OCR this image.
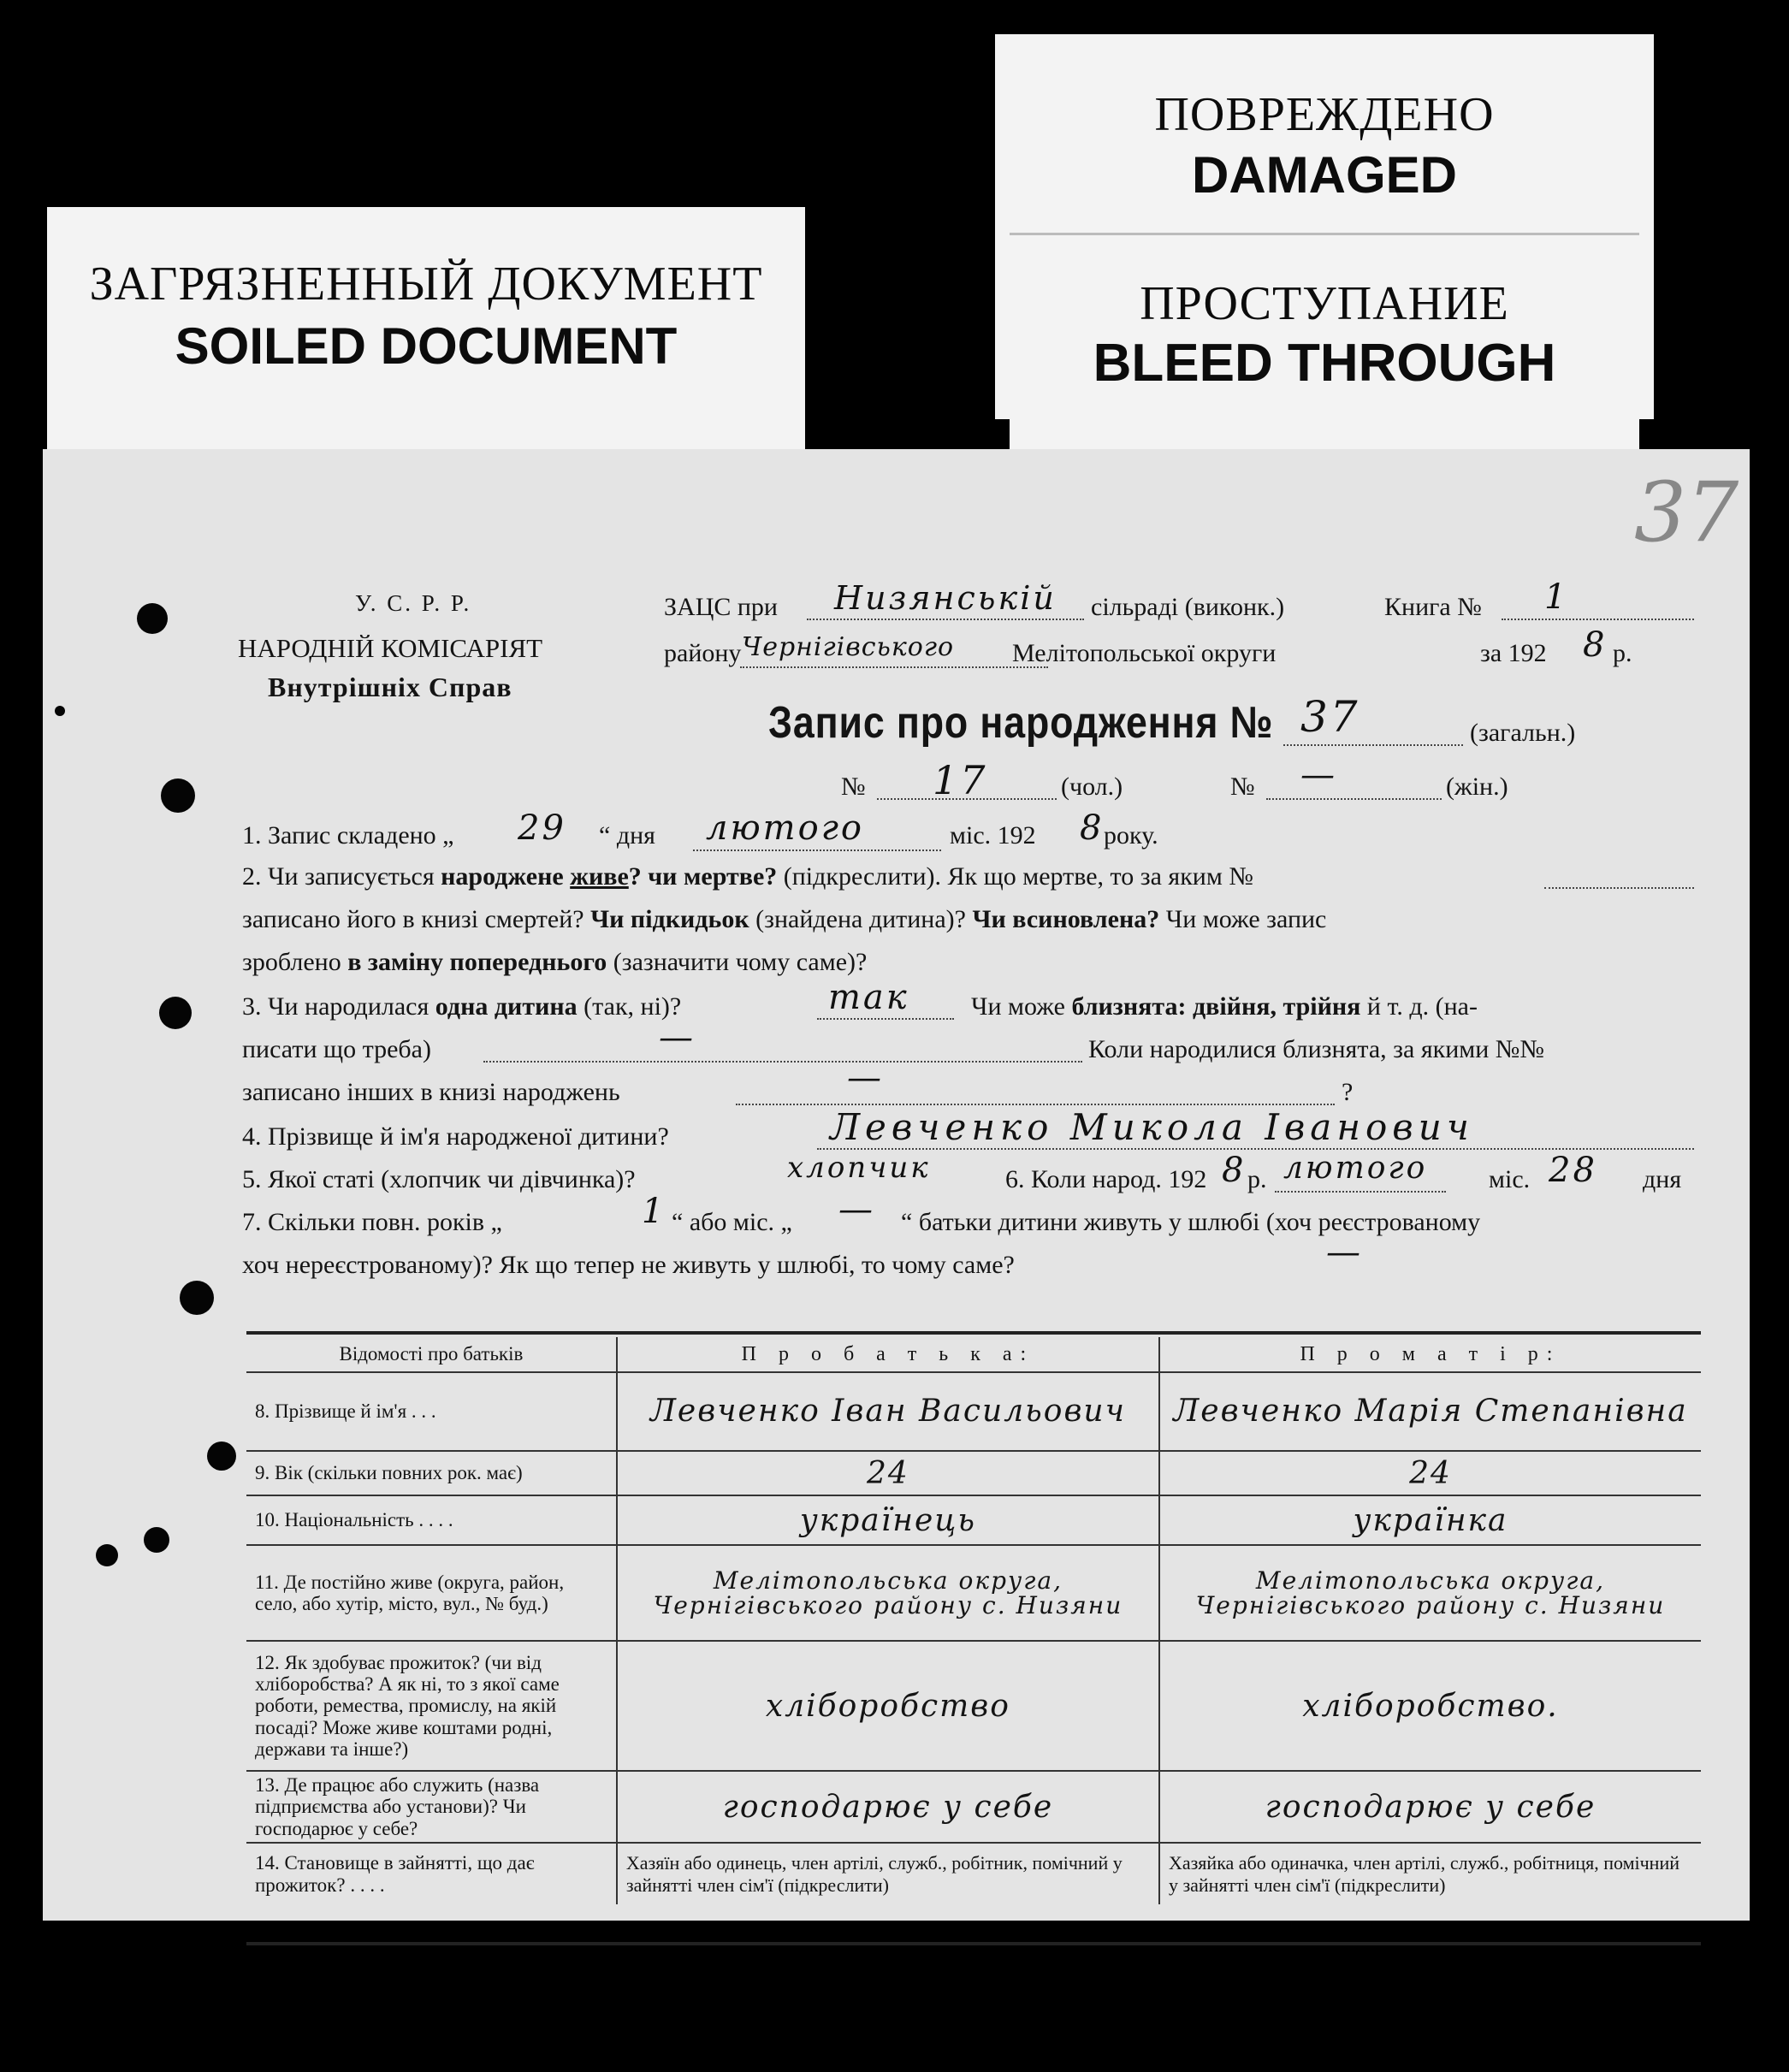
ЗАГРЯЗНЕННЫЙ ДОКУМЕНТ
SOILED DOCUMENT
ПОВРЕЖДЕНО
DAMAGED
ПРОСТУПАНИЕ
BLEED THROUGH
37
У. С. Р. Р.
НАРОДНІЙ КОМІСАРІЯТ
Внутрішніх Справ
ЗАЦС при Низянській сільраді (виконк.)	Книга № 1
району Чернігівського Мелітопольської округи	за 192 8 р.
Запис про народження № 37	(загальн.)
№ 17	(чол.)	№ —	(жін.)
1. Запис складено „ 29 “ дня лютого	міс. 192 8 року.
2. Чи записується народжене живе? чи мертве? (підкреслити). Як що мертве, то за яким №
записано його в книзі смертей? Чи підкидьок (знайдена дитина)? Чи всиновлена? Чи може запис
зроблено в заміну попереднього (зазначити чому саме)?
3. Чи народилася одна дитина (так, ні)?	так Чи може близнята: двійня, трійня й т. д. (на-
писати що треба)	—	Коли народилися близнята, за якими №№
записано інших в книзі народжень	—	?
4. Прізвище й ім'я народженої дитини?	Левченко Микола Іванович
5. Якої статі (хлопчик чи дівчинка)?	хлопчик	6. Коли народ. 192 8 р. лютого міс. 28 дня
7. Скільки повн. років „	1 “ або міс. „ — “ батьки дитини живуть у шлюбі (хоч реєстрованому
хоч нереєстрованому)? Як що тепер не живуть у шлюбі, то чому саме?	—
Відомості про батьків	П р о б а т ь к а:	П р о м а т і р:
8. Прізвище й ім'я . . .	Левченко Іван Васильович	Левченко Марія Степанівна
9. Вік (скільки повних рок. має)	24	24
10. Національність . . . .	українець	українка
11. Де постійно живе (округа, район, село, або хутір, місто, вул., № буд.)	Мелітопольська округа, Чернігівського району с. Низяни	Мелітопольська округа, Чернігівського району с. Низяни
12. Як здобуває прожиток? (чи від хліборобства? А як ні, то з якої саме роботи, ремества, промислу, на якій посаді? Може живе коштами родні, держави та інше?)	хліборобство	хліборобство.
13. Де працює або служить (назва підприємства або установи)? Чи господарює у себе?	господарює у себе	господарює у себе
14. Становище в зайнятті, що дає прожиток? . . . .	Хазяїн або одинець, член артілі, служб., робітник, помічний у зайнятті член сім'ї (підкреслити)	Хазяйка або одиначка, член артілі, служб., робітниця, помічний у зайнятті член сім'ї (підкреслити)
